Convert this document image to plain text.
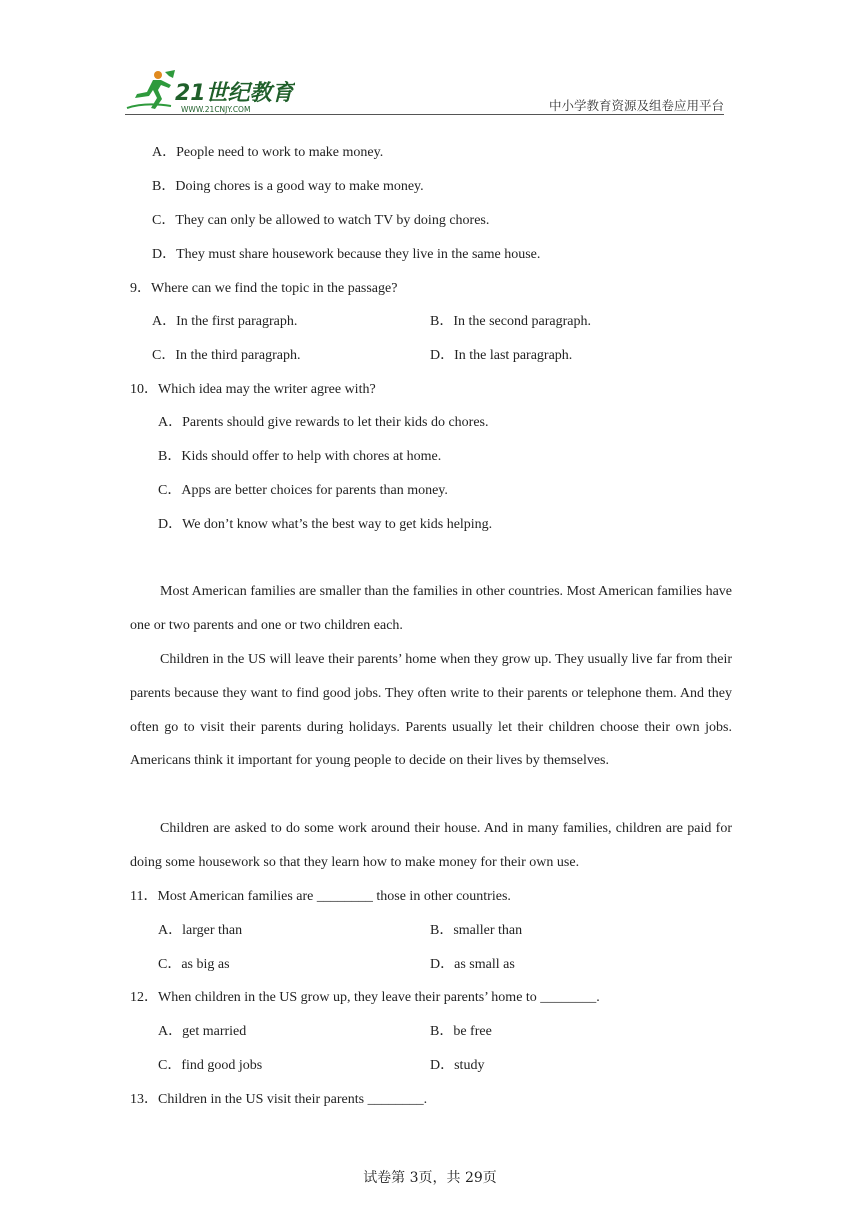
21世纪教育
WWW.21CNJY.COM	中小学教育资源及组卷应用平台
A．People need to work to make money.
B．Doing chores is a good way to make money.
C．They can only be allowed to watch TV by doing chores.
D．They must share housework because they live in the same house.
9．Where can we find the topic in the passage?
A．In the first paragraph.	B．In the second paragraph.
C．In the third paragraph.	D．In the last paragraph.
10．Which idea may the writer agree with?
A．Parents should give rewards to let their kids do chores.
B．Kids should offer to help with chores at home.
C．Apps are better choices for parents than money.
D．We don’t know what’s the best way to get kids helping.
Most American families are smaller than the families in other countries. Most American families have one or two parents and one or two children each.
Children in the US will leave their parents’ home when they grow up. They usually live far from their parents because they want to find good jobs. They often write to their parents or telephone them. And they often go to visit their parents during holidays. Parents usually let their children choose their own jobs. Americans think it important for young people to decide on their lives by themselves.
Children are asked to do some work around their house. And in many families, children are paid for doing some housework so that they learn how to make money for their own use.
11．Most American families are ________ those in other countries.
A．larger than	B．smaller than
C．as big as	D．as small as
12．When children in the US grow up, they leave their parents’ home to ________.
A．get married	B．be free
C．find good jobs	D．study
13．Children in the US visit their parents ________.
试卷第 3页，共 29页
